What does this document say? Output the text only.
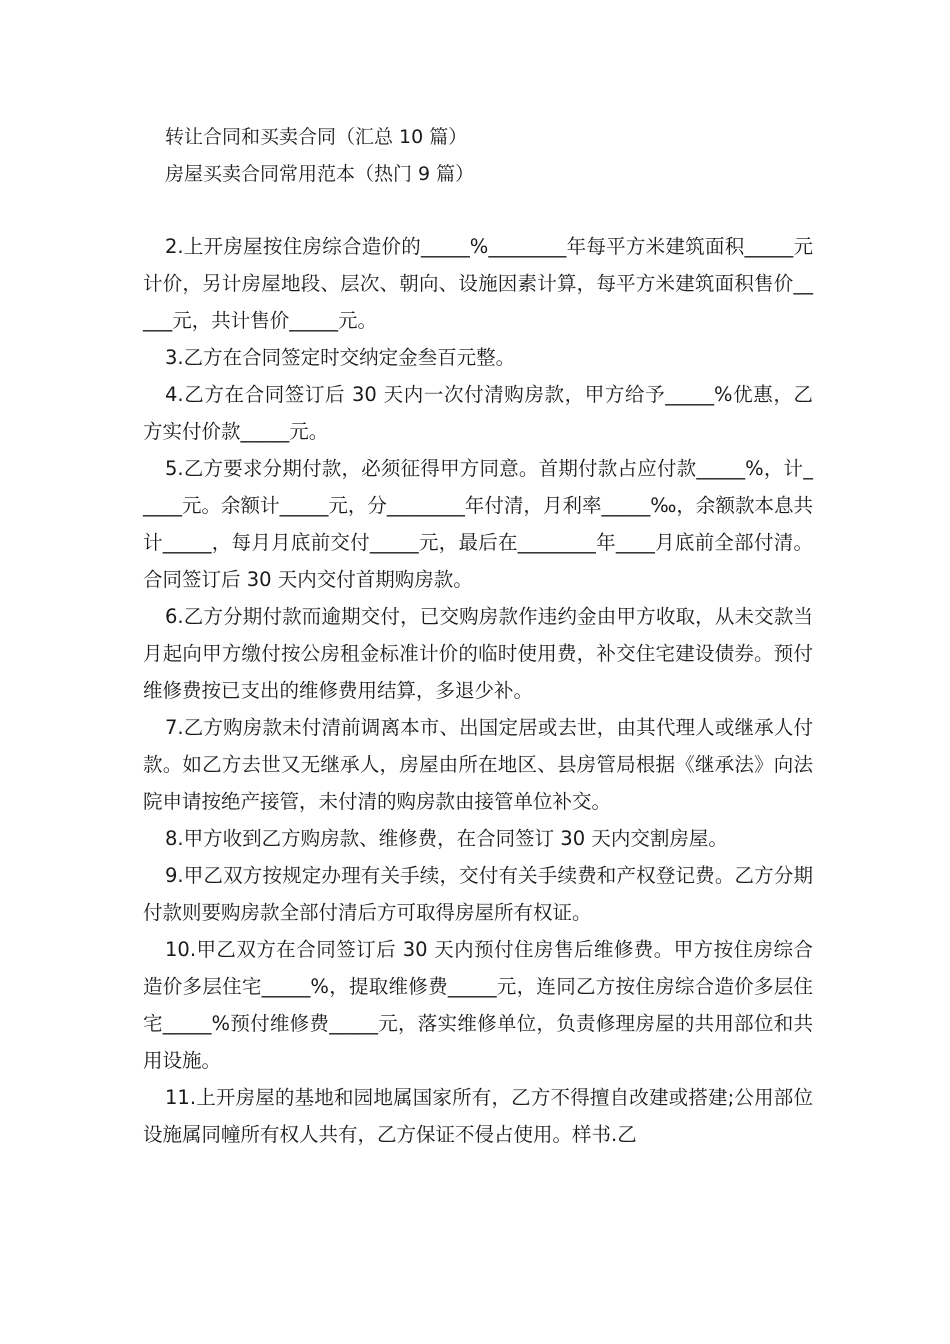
转让合同和买卖合同（汇总 10 篇）
房屋买卖合同常用范本（热门 9 篇）

2.上开房屋按住房综合造价的_____%________年每平方米建筑面积_____元计价，另计房屋地段、层次、朝向、设施因素计算，每平方米建筑面积售价_____元，共计售价_____元。

3.乙方在合同签定时交纳定金叁百元整。

4.乙方在合同签订后 30 天内一次付清购房款，甲方给予_____%优惠，乙方实付价款_____元。

5.乙方要求分期付款，必须征得甲方同意。首期付款占应付款_____%，计_____元。余额计_____元，分________年付清，月利率_____‰，余额款本息共计_____，每月月底前交付_____元，最后在________年____月底前全部付清。合同签订后 30 天内交付首期购房款。

6.乙方分期付款而逾期交付，已交购房款作违约金由甲方收取，从未交款当月起向甲方缴付按公房租金标准计价的临时使用费，补交住宅建设债券。预付维修费按已支出的维修费用结算，多退少补。

7.乙方购房款未付清前调离本市、出国定居或去世，由其代理人或继承人付款。如乙方去世又无继承人，房屋由所在地区、县房管局根据《继承法》向法院申请按绝产接管，未付清的购房款由接管单位补交。

8.甲方收到乙方购房款、维修费，在合同签订 30 天内交割房屋。

9.甲乙双方按规定办理有关手续，交付有关手续费和产权登记费。乙方分期付款则要购房款全部付清后方可取得房屋所有权证。

10.甲乙双方在合同签订后 30 天内预付住房售后维修费。甲方按住房综合造价多层住宅_____%，提取维修费_____元，连同乙方按住房综合造价多层住宅_____%预付维修费_____元，落实维修单位，负责修理房屋的共用部位和共用设施。

11.上开房屋的基地和园地属国家所有，乙方不得擅自改建或搭建;公用部位设施属同幢所有权人共有，乙方保证不侵占使用。样书.乙
